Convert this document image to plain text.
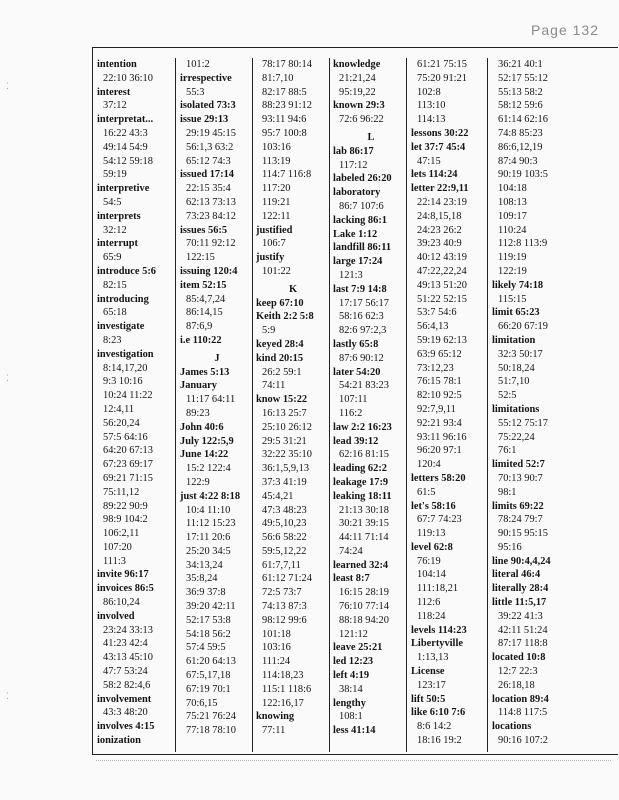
Page 132
⁚
⁚
⁚
intention
22:10 36:10
interest
37:12
interpretat...
16:22 43:3
49:14 54:9
54:12 59:18
59:19
interpretive
54:5
interprets
32:12
interrupt
65:9
introduce 5:6
82:15
introducing
65:18
investigate
8:23
investigation
8:14,17,20
9:3 10:16
10:24 11:22
12:4,11
56:20,24
57:5 64:16
64:20 67:13
67:23 69:17
69:21 71:15
75:11,12
89:22 90:9
98:9 104:2
106:2,11
107:20
111:3
invite 96:17
invoices 86:5
86:10,24
involved
23:24 33:13
41:23 42:4
43:13 45:10
47:7 53:24
58:2 82:4,6
involvement
43:3 48:20
involves 4:15
ionization
101:2
irrespective
55:3
isolated 73:3
issue 29:13
29:19 45:15
56:1,3 63:2
65:12 74:3
issued 17:14
22:15 35:4
62:13 73:13
73:23 84:12
issues 56:5
70:11 92:12
122:15
issuing 120:4
item 52:15
85:4,7,24
86:14,15
87:6,9
i.e 110:22
J
James 5:13
January
11:17 64:11
89:23
John 40:6
July 122:5,9
June 14:22
15:2 122:4
122:9
just 4:22 8:18
10:4 11:10
11:12 15:23
17:11 20:6
25:20 34:5
34:13,24
35:8,24
36:9 37:8
39:20 42:11
52:17 53:8
54:18 56:2
57:4 59:5
61:20 64:13
67:5,17,18
67:19 70:1
70:6,15
75:21 76:24
77:18 78:10
78:17 80:14
81:7,10
82:17 88:5
88:23 91:12
93:11 94:6
95:7 100:8
103:16
113:19
114:7 116:8
117:20
119:21
122:11
justified
106:7
justify
101:22
K
keep 67:10
Keith 2:2 5:8
5:9
keyed 28:4
kind 20:15
26:2 59:1
74:11
know 15:22
16:13 25:7
25:10 26:12
29:5 31:21
32:22 35:10
36:1,5,9,13
37:3 41:19
45:4,21
47:3 48:23
49:5,10,23
56:6 58:22
59:5,12,22
61:7,7,11
61:12 71:24
72:5 73:7
74:13 87:3
98:12 99:6
101:18
103:16
111:24
114:18,23
115:1 118:6
122:16,17
knowing
77:11
knowledge
21:21,24
95:19,22
known 29:3
72:6 96:22
L
lab 86:17
117:12
labeled 26:20
laboratory
86:7 107:6
lacking 86:1
Lake 1:12
landfill 86:11
large 17:24
121:3
last 7:9 14:8
17:17 56:17
58:16 62:3
82:6 97:2,3
lastly 65:8
87:6 90:12
later 54:20
54:21 83:23
107:11
116:2
law 2:2 16:23
lead 39:12
62:16 81:15
leading 62:2
leakage 17:9
leaking 18:11
21:13 30:18
30:21 39:15
44:11 71:14
74:24
learned 32:4
least 8:7
16:15 28:19
76:10 77:14
88:18 94:20
121:12
leave 25:21
led 12:23
left 4:19
38:14
lengthy
108:1
less 41:14
61:21 75:15
75:20 91:21
102:8
113:10
114:13
lessons 30:22
let 37:7 45:4
47:15
lets 114:24
letter 22:9,11
22:14 23:19
24:8,15,18
24:23 26:2
39:23 40:9
40:12 43:19
47:22,22,24
49:13 51:20
51:22 52:15
53:7 54:6
56:4,13
59:19 62:13
63:9 65:12
73:12,23
76:15 78:1
82:10 92:5
92:7,9,11
92:21 93:4
93:11 96:16
96:20 97:1
120:4
letters 58:20
61:5
let's 58:16
67:7 74:23
119:13
level 62:8
76:19
104:14
111:18,21
112:6
118:24
levels 114:23
Libertyville
1:13,13
License
123:17
lift 50:5
like 6:10 7:6
8:6 14:2
18:16 19:2
36:21 40:1
52:17 55:12
55:13 58:2
58:12 59:6
61:14 62:16
74:8 85:23
86:6,12,19
87:4 90:3
90:19 103:5
104:18
108:13
109:17
110:24
112:8 113:9
119:19
122:19
likely 74:18
115:15
limit 65:23
66:20 67:19
limitation
32:3 50:17
50:18,24
51:7,10
52:5
limitations
55:12 75:17
75:22,24
76:1
limited 52:7
70:13 90:7
98:1
limits 69:22
78:24 79:7
90:15 95:15
95:16
line 90:4,4,24
literal 46:4
literally 28:4
little 11:5,17
39:22 41:3
42:11 51:24
87:17 118:8
located 10:8
12:7 22:3
26:18,18
location 89:4
114:8 117:5
locations
90:16 107:2
